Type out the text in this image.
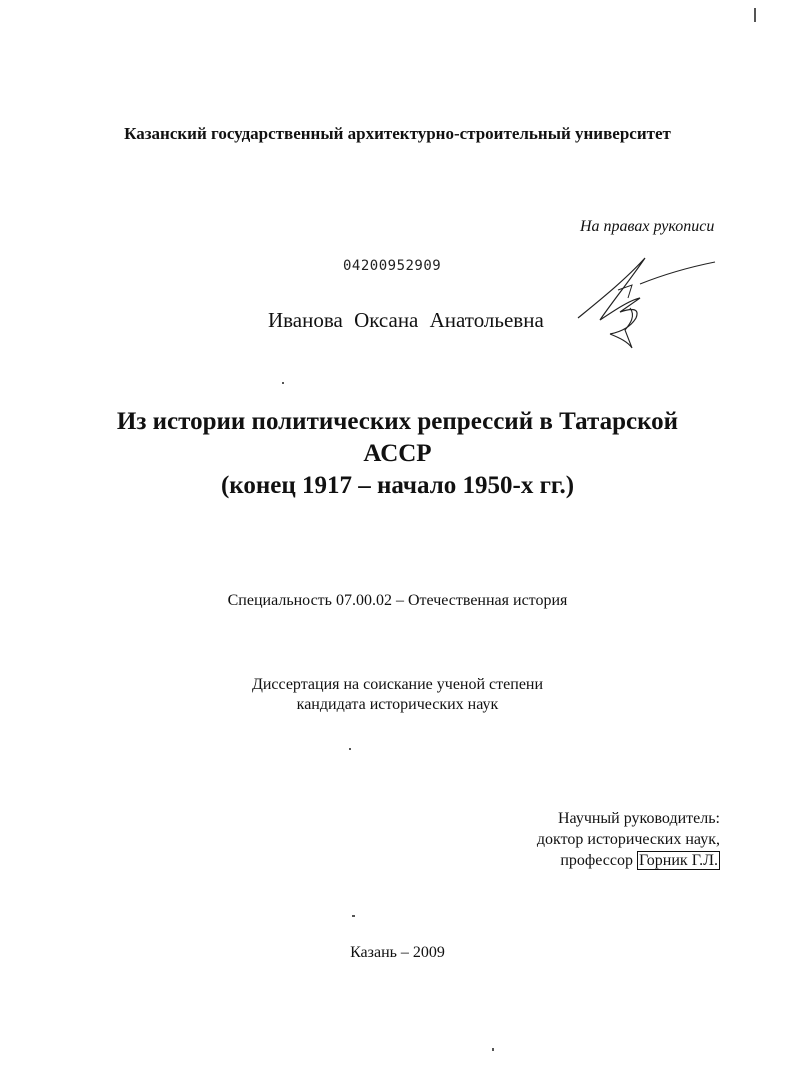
Казанский государственный архитектурно-строительный университет
На правах рукописи
04200952909
Иванова Оксана Анатольевна
Из истории политических репрессий в Татарской
АССР
(конец 1917 – начало 1950-х гг.)
Специальность 07.00.02 – Отечественная история
Диссертация на соискание ученой степени
кандидата исторических наук
Научный руководитель:
доктор исторических наук,
профессор Горник Г.Л.
Казань – 2009
